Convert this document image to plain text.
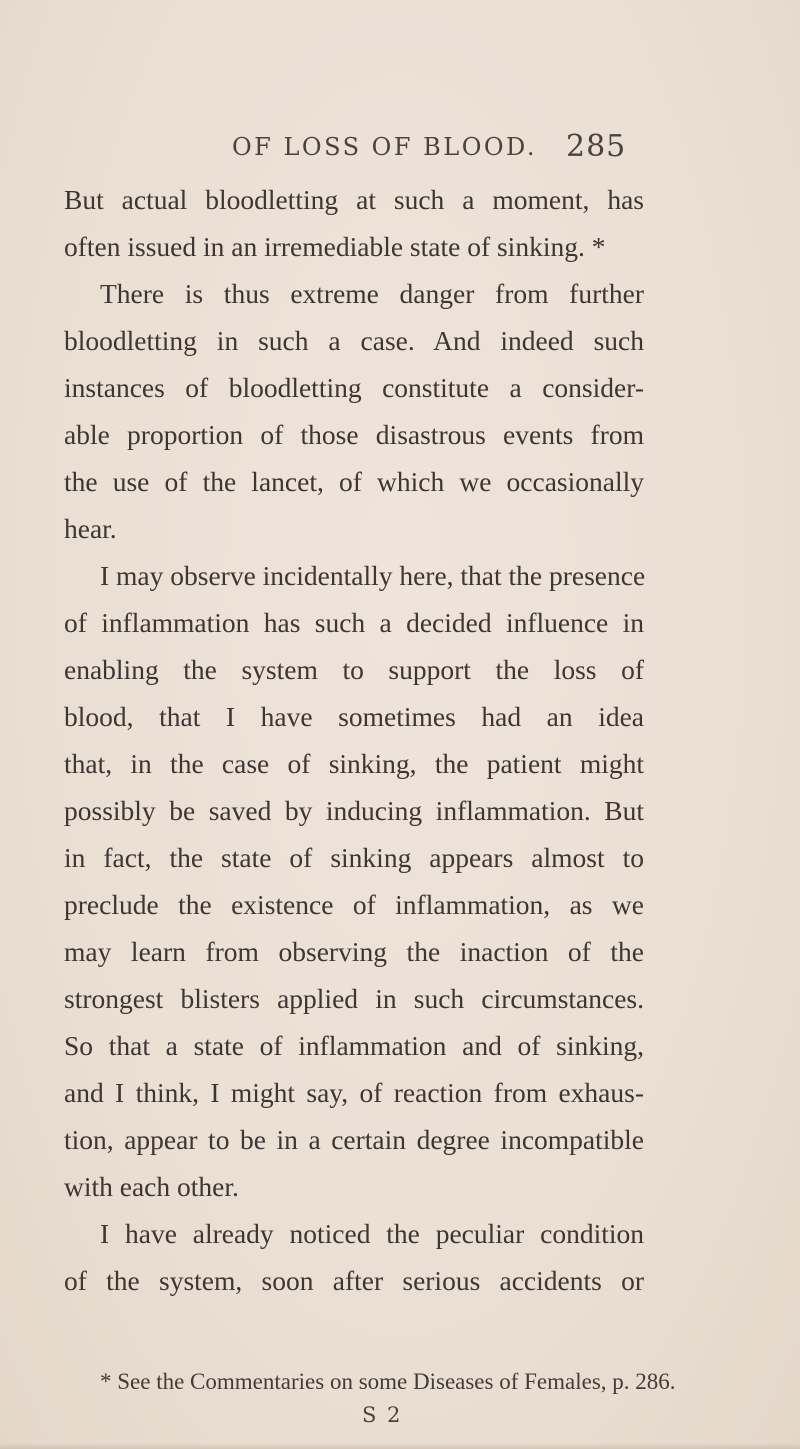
OF LOSS OF BLOOD. 285
But actual bloodletting at such a moment, has
often issued in an irremediable state of sinking. *
There is thus extreme danger from further
bloodletting in such a case. And indeed such
instances of bloodletting constitute a consider-
able proportion of those disastrous events from
the use of the lancet, of which we occasionally
hear.
I may observe incidentally here, that the presence
of inflammation has such a decided influence in
enabling the system to support the loss of
blood, that I have sometimes had an idea
that, in the case of sinking, the patient might
possibly be saved by inducing inflammation. But
in fact, the state of sinking appears almost to
preclude the existence of inflammation, as we
may learn from observing the inaction of the
strongest blisters applied in such circumstances.
So that a state of inflammation and of sinking,
and I think, I might say, of reaction from exhaus-
tion, appear to be in a certain degree incompatible
with each other.
I have already noticed the peculiar condition
of the system, soon after serious accidents or
* See the Commentaries on some Diseases of Females, p. 286.
S 2
